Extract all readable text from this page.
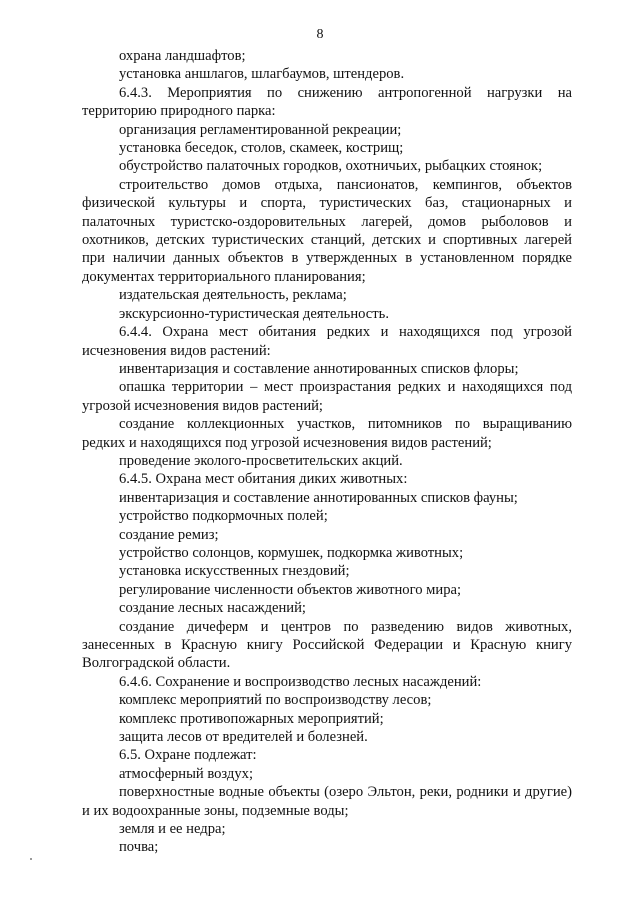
8

охрана ландшафтов;

установка аншлагов, шлагбаумов, штендеров.

6.4.3. Мероприятия по снижению антропогенной нагрузки на территорию природного парка:

организация регламентированной рекреации;

установка беседок, столов, скамеек, кострищ;

обустройство палаточных городков, охотничьих, рыбацких стоянок;

строительство домов отдыха, пансионатов, кемпингов, объектов физической культуры и спорта, туристических баз, стационарных и палаточных туристско-оздоровительных лагерей, домов рыболовов и охотников, детских туристических станций, детских и спортивных лагерей при наличии данных объектов в утвержденных в установленном порядке документах территориального планирования;

издательская деятельность, реклама;

экскурсионно-туристическая деятельность.

6.4.4. Охрана мест обитания редких и находящихся под угрозой исчезновения видов растений:

инвентаризация и составление аннотированных списков флоры;

опашка территории – мест произрастания редких и находящихся под угрозой исчезновения видов растений;

создание коллекционных участков, питомников по выращиванию редких и находящихся под угрозой исчезновения видов растений;

проведение эколого-просветительских акций.

6.4.5. Охрана мест обитания диких животных:

инвентаризация и составление аннотированных списков фауны;

устройство подкормочных полей;

создание ремиз;

устройство солонцов, кормушек, подкормка животных;

установка искусственных гнездовий;

регулирование численности объектов животного мира;

создание лесных насаждений;

создание дичеферм и центров по разведению видов животных, занесенных в Красную книгу Российской Федерации и Красную книгу Волгоградской области.

6.4.6. Сохранение и воспроизводство лесных насаждений:

комплекс мероприятий по воспроизводству лесов;

комплекс противопожарных мероприятий;

защита лесов от вредителей и болезней.

6.5. Охране подлежат:

атмосферный воздух;

поверхностные водные объекты (озеро Эльтон, реки, родники и другие) и их водоохранные зоны, подземные воды;

земля и ее недра;

почва;
